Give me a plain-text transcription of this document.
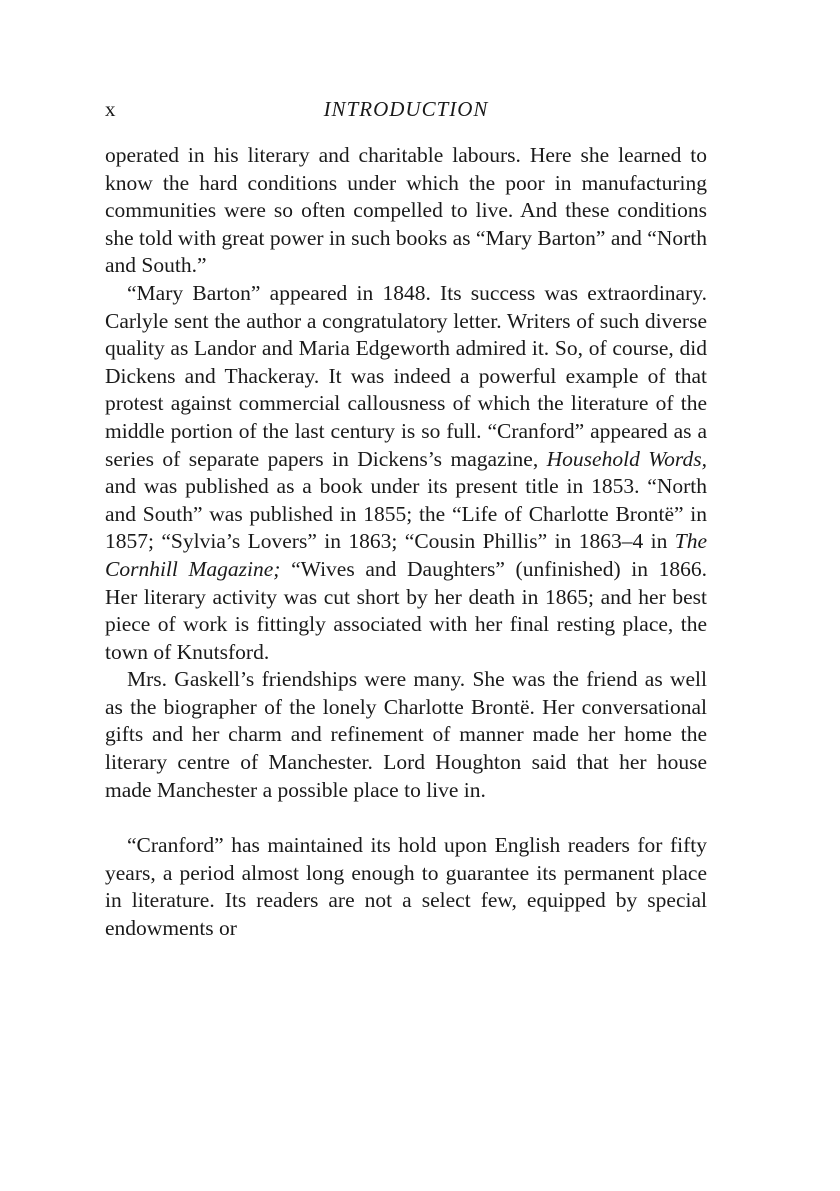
x	INTRODUCTION

operated in his literary and charitable labours. Here she learned to know the hard conditions under which the poor in manufacturing communities were so often compelled to live. And these conditions she told with great power in such books as “Mary Barton” and “North and South.”

“Mary Barton” appeared in 1848. Its success was extraordinary. Carlyle sent the author a congratulatory letter. Writers of such diverse quality as Landor and Maria Edgeworth admired it. So, of course, did Dickens and Thackeray. It was indeed a powerful example of that protest against commercial callousness of which the literature of the middle portion of the last century is so full. “Cranford” appeared as a series of separate papers in Dickens’s magazine, Household Words, and was published as a book under its present title in 1853. “North and South” was published in 1855; the “Life of Charlotte Brontë” in 1857; “Sylvia’s Lovers” in 1863; “Cousin Phillis” in 1863–4 in The Cornhill Magazine; “Wives and Daughters” (unfinished) in 1866. Her literary activity was cut short by her death in 1865; and her best piece of work is fittingly associated with her final resting place, the town of Knutsford.

Mrs. Gaskell’s friendships were many. She was the friend as well as the biographer of the lonely Charlotte Brontë. Her conversational gifts and her charm and refinement of manner made her home the literary centre of Manchester. Lord Houghton said that her house made Manchester a possible place to live in.

“Cranford” has maintained its hold upon English readers for fifty years, a period almost long enough to guarantee its permanent place in literature. Its readers are not a select few, equipped by special endowments or
